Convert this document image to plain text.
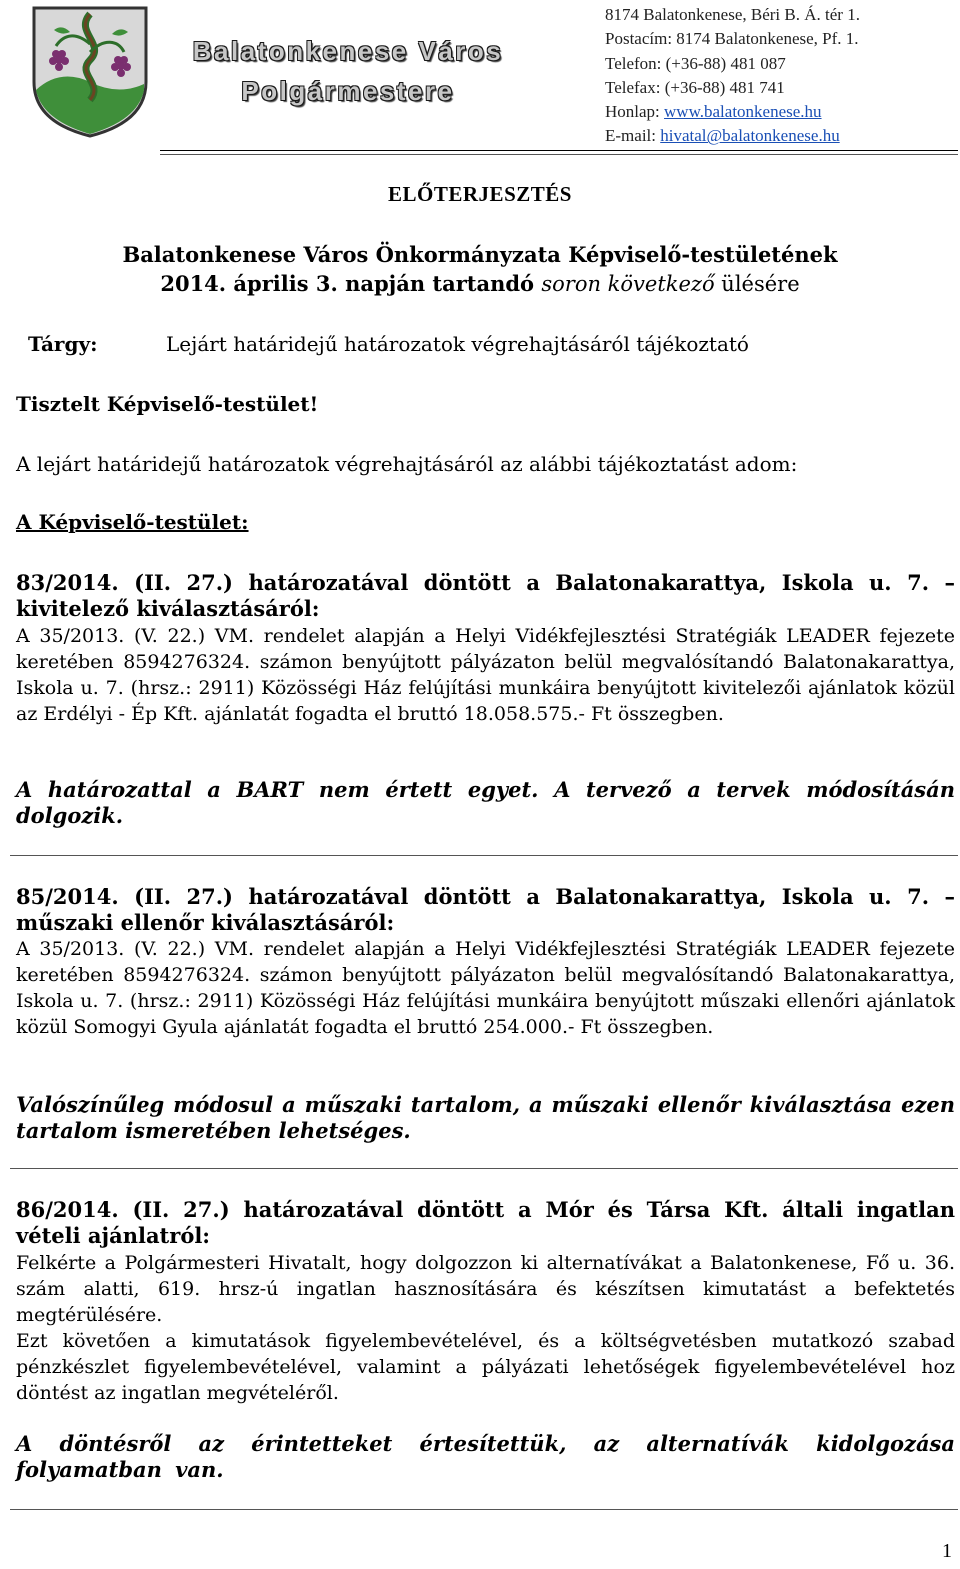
Balatonkenese Város
Polgármestere
8174 Balatonkenese, Béri B. Á. tér 1.
Postacím: 8174 Balatonkenese, Pf. 1.
Telefon: (+36-88) 481 087
Telefax: (+36-88) 481 741
Honlap: www.balatonkenese.hu
E-mail: hivatal@balatonkenese.hu
ELŐTERJESZTÉS
Balatonkenese Város Önkormányzata Képviselő-testületének
2014. április 3. napján tartandó soron következő ülésére
Tárgy:	Lejárt határidejű határozatok végrehajtásáról tájékoztató
Tisztelt Képviselő-testület!
A lejárt határidejű határozatok végrehajtásáról az alábbi tájékoztatást adom:
A Képviselő-testület:
83/2014. (II. 27.) határozatával döntött a Balatonakarattya, Iskola u. 7. – kivitelező kiválasztásáról:
A 35/2013. (V. 22.) VM. rendelet alapján a Helyi Vidékfejlesztési Stratégiák LEADER fejezete keretében 8594276324. számon benyújtott pályázaton belül megvalósítandó Balatonakarattya, Iskola u. 7. (hrsz.: 2911) Közösségi Ház felújítási munkáira benyújtott kivitelezői ajánlatok közül az Erdélyi - Ép Kft. ajánlatát fogadta el bruttó 18.058.575.- Ft összegben.
A határozattal a BART nem értett egyet. A tervező a tervek módosításán dolgozik.
85/2014. (II. 27.) határozatával döntött a Balatonakarattya, Iskola u. 7. – műszaki ellenőr kiválasztásáról:
A 35/2013. (V. 22.) VM. rendelet alapján a Helyi Vidékfejlesztési Stratégiák LEADER fejezete keretében 8594276324. számon benyújtott pályázaton belül megvalósítandó Balatonakarattya, Iskola u. 7. (hrsz.: 2911) Közösségi Ház felújítási munkáira benyújtott műszaki ellenőri ajánlatok közül Somogyi Gyula ajánlatát fogadta el bruttó 254.000.- Ft összegben.
Valószínűleg módosul a műszaki tartalom, a műszaki ellenőr kiválasztása ezen tartalom ismeretében lehetséges.
86/2014. (II. 27.) határozatával döntött a Mór és Társa Kft. általi ingatlan vételi ajánlatról:
Felkérte a Polgármesteri Hivatalt, hogy dolgozzon ki alternatívákat a Balatonkenese, Fő u. 36. szám alatti, 619. hrsz-ú ingatlan hasznosítására és készítsen kimutatást a befektetés megtérülésére.
Ezt követően a kimutatások figyelembevételével, és a költségvetésben mutatkozó szabad pénzkészlet figyelembevételével, valamint a pályázati lehetőségek figyelembevételével hoz döntést az ingatlan megvételéről.
A döntésről az érintetteket értesítettük, az alternatívák kidolgozása folyamatban van.
1
